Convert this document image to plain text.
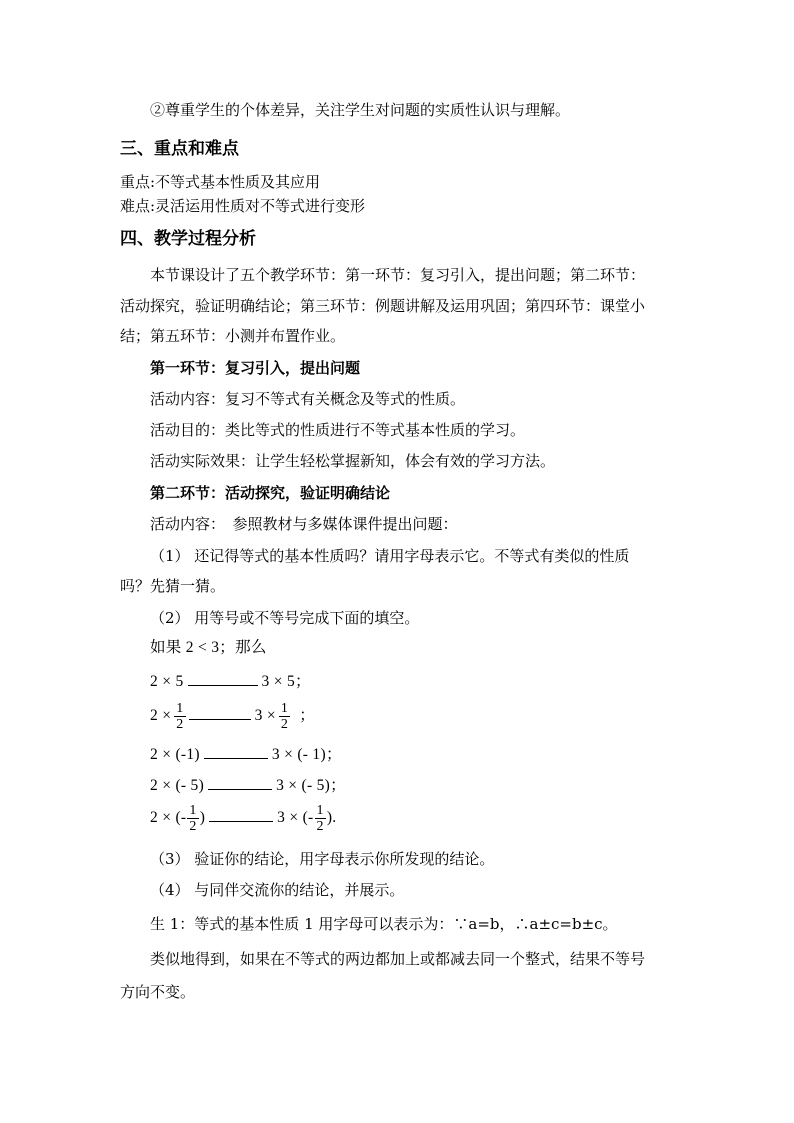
②尊重学生的个体差异，关注学生对问题的实质性认识与理解。
三、重点和难点
重点:不等式基本性质及其应用
难点:灵活运用性质对不等式进行变形
四、教学过程分析
本节课设计了五个教学环节：第一环节：复习引入，提出问题；第二环节：
活动探究，验证明确结论；第三环节：例题讲解及运用巩固；第四环节：课堂小
结；第五环节：小测并布置作业。
第一环节：复习引入，提出问题
活动内容：复习不等式有关概念及等式的性质。
活动目的：类比等式的性质进行不等式基本性质的学习。
活动实际效果：让学生轻松掌握新知，体会有效的学习方法。
第二环节：活动探究，验证明确结论
活动内容：　参照教材与多媒体课件提出问题：
（1） 还记得等式的基本性质吗？请用字母表示它。不等式有类似的性质
吗？先猜一猜。
（2） 用等号或不等号完成下面的填空。
如果 2 < 3；那么
2 × 5	3 × 5；
$2 \times \frac{1}{2}$	$3 \times \frac{1}{2}$ ；
2 × (-1)	3 × (- 1)；
2 × (- 5)	3 × (- 5)；
2 × (- $\frac{1}{2}$ )	3 × (- $\frac{1}{2}$ ).
（3） 验证你的结论，用字母表示你所发现的结论。
（4） 与同伴交流你的结论，并展示。
生 1：等式的基本性质 1 用字母可以表示为：∵a=b，∴a±c=b±c。
类似地得到，如果在不等式的两边都加上或都减去同一个整式，结果不等号
方向不变。
